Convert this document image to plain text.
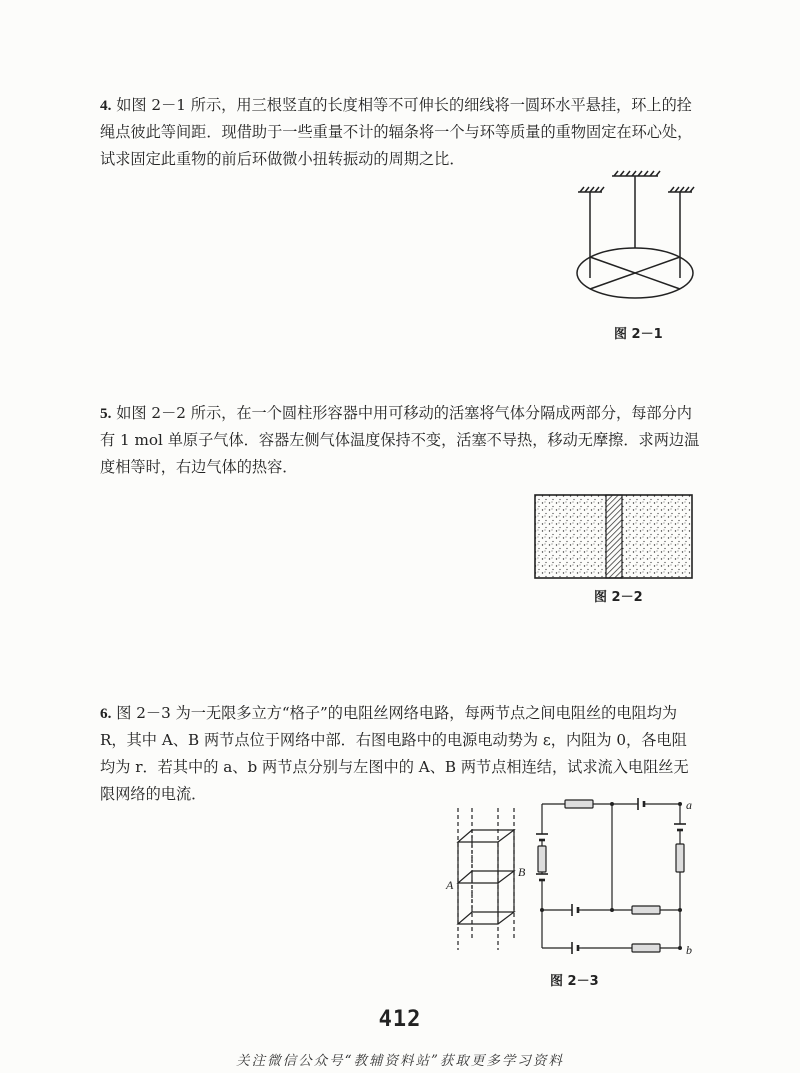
4. 如图 2－1 所示，用三根竖直的长度相等不可伸长的细线将一圆环水平悬挂，环上的拴绳点彼此等间距．现借助于一些重量不计的辐条将一个与环等质量的重物固定在环心处，试求固定此重物的前后环做微小扭转振动的周期之比．

图 2－1

5. 如图 2－2 所示，在一个圆柱形容器中用可移动的活塞将气体分隔成两部分，每部分内有 1 mol 单原子气体．容器左侧气体温度保持不变，活塞不导热，移动无摩擦．求两边温度相等时，右边气体的热容．

图 2－2

6. 图 2－3 为一无限多立方“格子”的电阻丝网络电路，每两节点之间电阻丝的电阻均为 R，其中 A、B 两节点位于网络中部．右图电路中的电源电动势为 ε，内阻为 0，各电阻均为 r．若其中的 a、b 两节点分别与左图中的 A、B 两节点相连结，试求流入电阻丝无限网络的电流．

A
B
a
b
图 2－3
412
关注微信公众号“教辅资料站”获取更多学习资料
